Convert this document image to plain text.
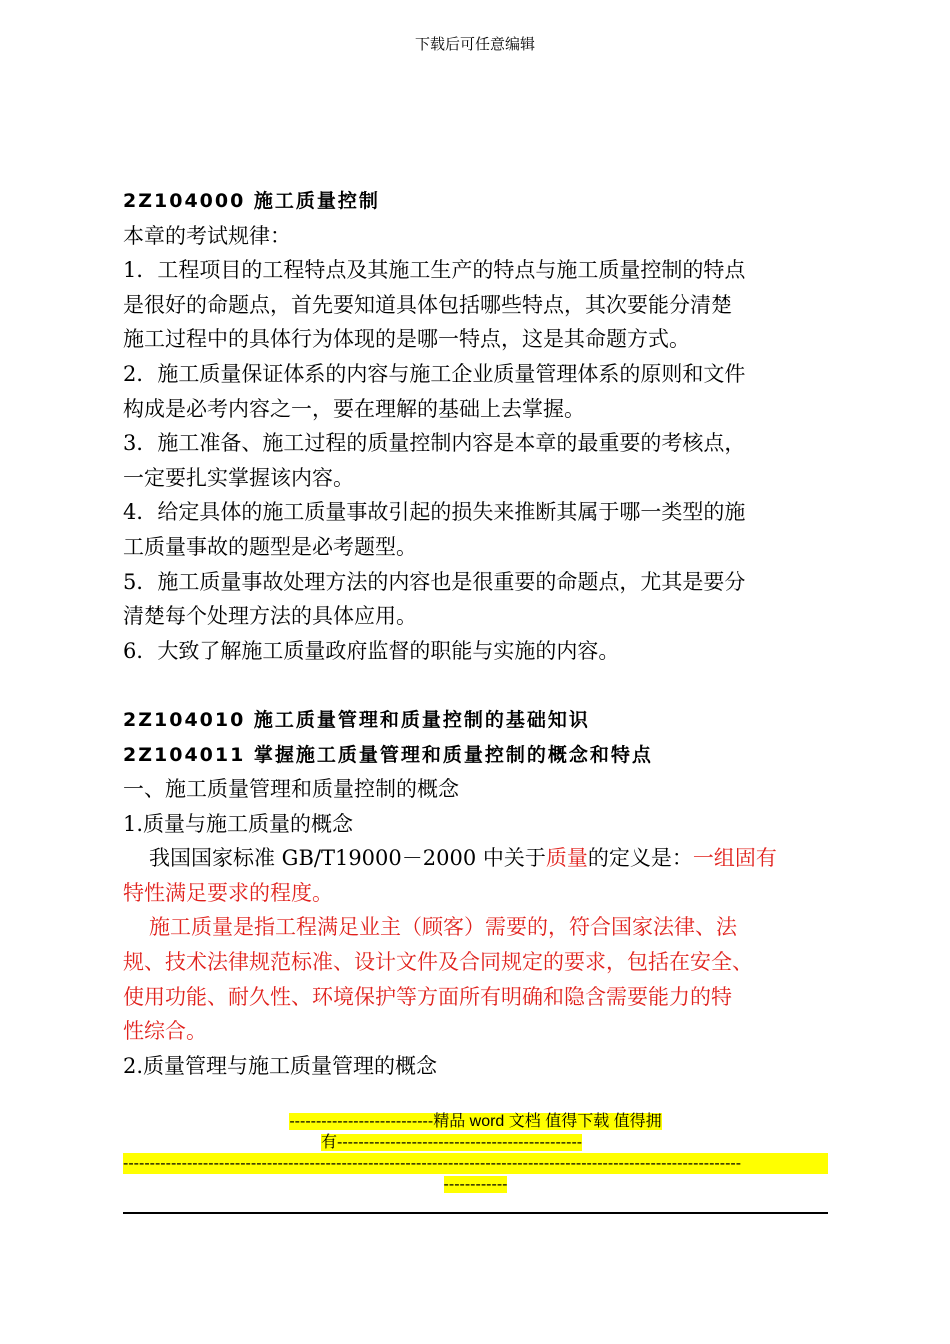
下载后可任意编辑
2Z104000 施工质量控制
本章的考试规律：
1．工程项目的工程特点及其施工生产的特点与施工质量控制的特点
是很好的命题点，首先要知道具体包括哪些特点，其次要能分清楚
施工过程中的具体行为体现的是哪一特点，这是其命题方式。
2．施工质量保证体系的内容与施工企业质量管理体系的原则和文件
构成是必考内容之一，要在理解的基础上去掌握。
3．施工准备、施工过程的质量控制内容是本章的最重要的考核点，
一定要扎实掌握该内容。
4．给定具体的施工质量事故引起的损失来推断其属于哪一类型的施
工质量事故的题型是必考题型。
5．施工质量事故处理方法的内容也是很重要的命题点，尤其是要分
清楚每个处理方法的具体应用。
6．大致了解施工质量政府监督的职能与实施的内容。
2Z104010 施工质量管理和质量控制的基础知识
2Z104011 掌握施工质量管理和质量控制的概念和特点
一、施工质量管理和质量控制的概念
1.质量与施工质量的概念
我国国家标准 GB/T19000－2000 中关于质量的定义是：一组固有
特性满足要求的程度。
施工质量是指工程满足业主（顾客）需要的，符合国家法律、法
规、技术法律规范标准、设计文件及合同规定的要求，包括在安全、
使用功能、耐久性、环境保护等方面所有明确和隐含需要能力的特
性综合。
2.质量管理与施工质量管理的概念
---------------------------精品 word 文档 值得下载 值得拥
有----------------------------------------------
--------------------------------------------------------------------------------------------------------------------
------------
